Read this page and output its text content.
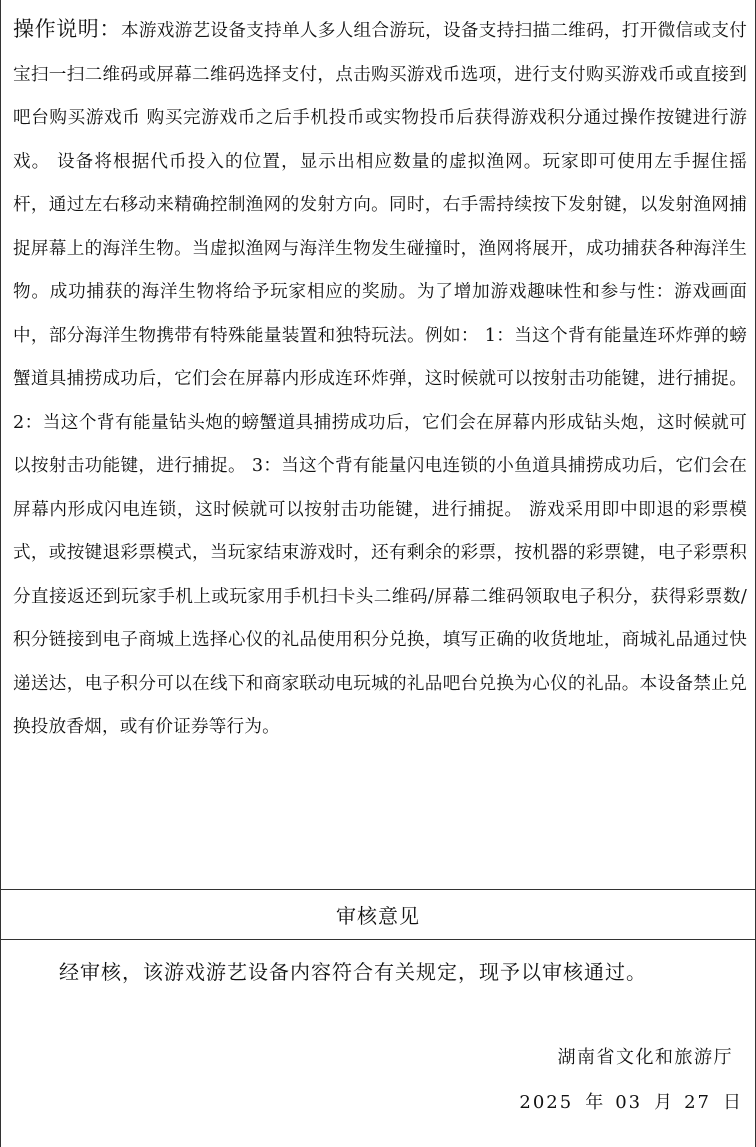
操作说明：本游戏游艺设备支持单人多人组合游玩，设备支持扫描二维码，打开微信或支付宝扫一扫二维码或屏幕二维码选择支付，点击购买游戏币选项，进行支付购买游戏币或直接到吧台购买游戏币 购买完游戏币之后手机投币或实物投币后获得游戏积分通过操作按键进行游戏。 设备将根据代币投入的位置，显示出相应数量的虚拟渔网。玩家即可使用左手握住摇杆，通过左右移动来精确控制渔网的发射方向。同时，右手需持续按下发射键，以发射渔网捕捉屏幕上的海洋生物。当虚拟渔网与海洋生物发生碰撞时，渔网将展开，成功捕获各种海洋生物。成功捕获的海洋生物将给予玩家相应的奖励。为了增加游戏趣味性和参与性：游戏画面中，部分海洋生物携带有特殊能量装置和独特玩法。例如： 1：当这个背有能量连环炸弹的螃蟹道具捕捞成功后，它们会在屏幕内形成连环炸弹，这时候就可以按射击功能键，进行捕捉。 2：当这个背有能量钻头炮的螃蟹道具捕捞成功后，它们会在屏幕内形成钻头炮，这时候就可以按射击功能键，进行捕捉。 3：当这个背有能量闪电连锁的小鱼道具捕捞成功后，它们会在屏幕内形成闪电连锁，这时候就可以按射击功能键，进行捕捉。 游戏采用即中即退的彩票模式，或按键退彩票模式，当玩家结束游戏时，还有剩余的彩票，按机器的彩票键，电子彩票积分直接返还到玩家手机上或玩家用手机扫卡头二维码/屏幕二维码领取电子积分，获得彩票数/积分链接到电子商城上选择心仪的礼品使用积分兑换，填写正确的收货地址，商城礼品通过快递送达，电子积分可以在线下和商家联动电玩城的礼品吧台兑换为心仪的礼品。本设备禁止兑换投放香烟，或有价证券等行为。

审核意见
经审核，该游戏游艺设备内容符合有关规定，现予以审核通过。
湖南省文化和旅游厅
2025 年 03 月 27 日
